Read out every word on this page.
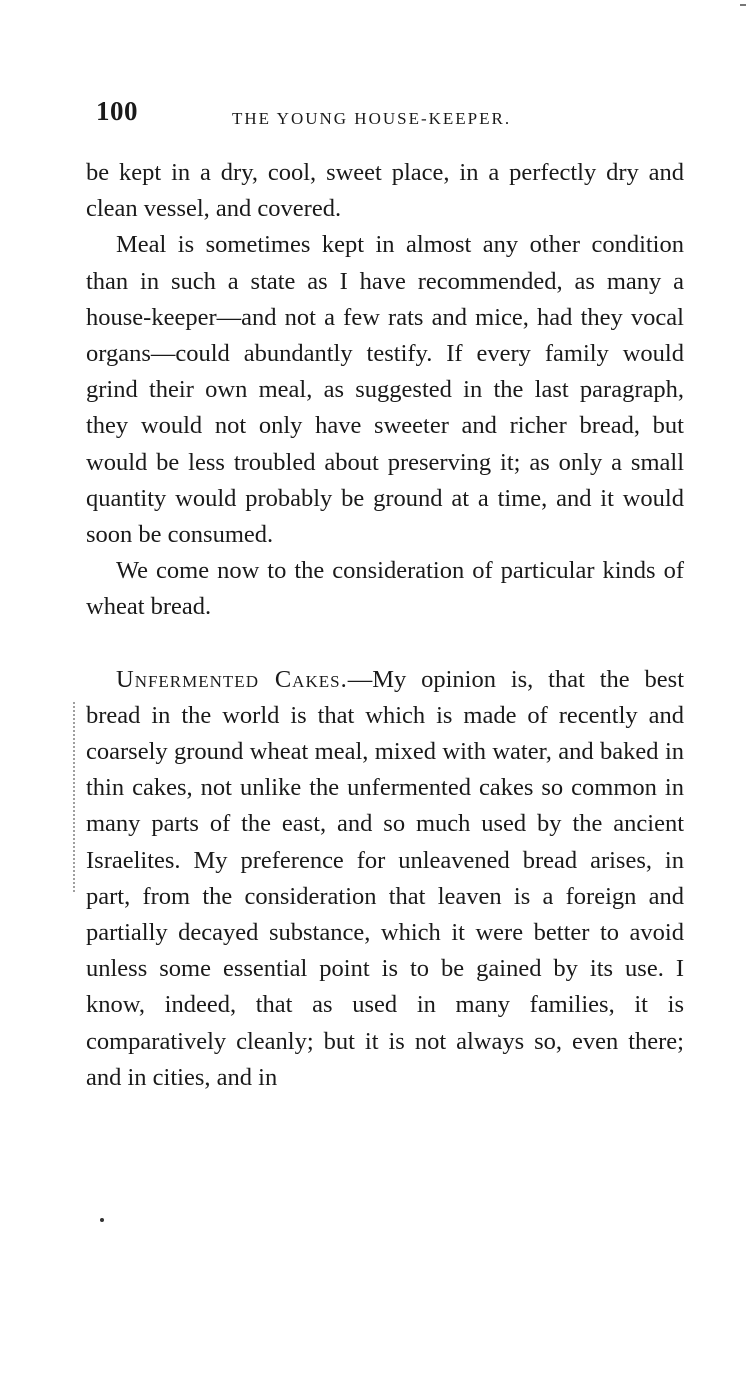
100	THE YOUNG HOUSE-KEEPER.

be kept in a dry, cool, sweet place, in a perfectly dry and clean vessel, and covered.

Meal is sometimes kept in almost any other condition than in such a state as I have recommended, as many a house-keeper—and not a few rats and mice, had they vocal organs—could abundantly testify. If every family would grind their own meal, as suggested in the last paragraph, they would not only have sweeter and richer bread, but would be less troubled about preserving it; as only a small quantity would probably be ground at a time, and it would soon be consumed.

We come now to the consideration of particular kinds of wheat bread.

Unfermented Cakes.—My opinion is, that the best bread in the world is that which is made of recently and coarsely ground wheat meal, mixed with water, and baked in thin cakes, not unlike the unfermented cakes so common in many parts of the east, and so much used by the ancient Israelites. My preference for unleavened bread arises, in part, from the consideration that leaven is a foreign and partially decayed substance, which it were better to avoid unless some essential point is to be gained by its use. I know, indeed, that as used in many families, it is comparatively cleanly; but it is not always so, even there; and in cities, and in
